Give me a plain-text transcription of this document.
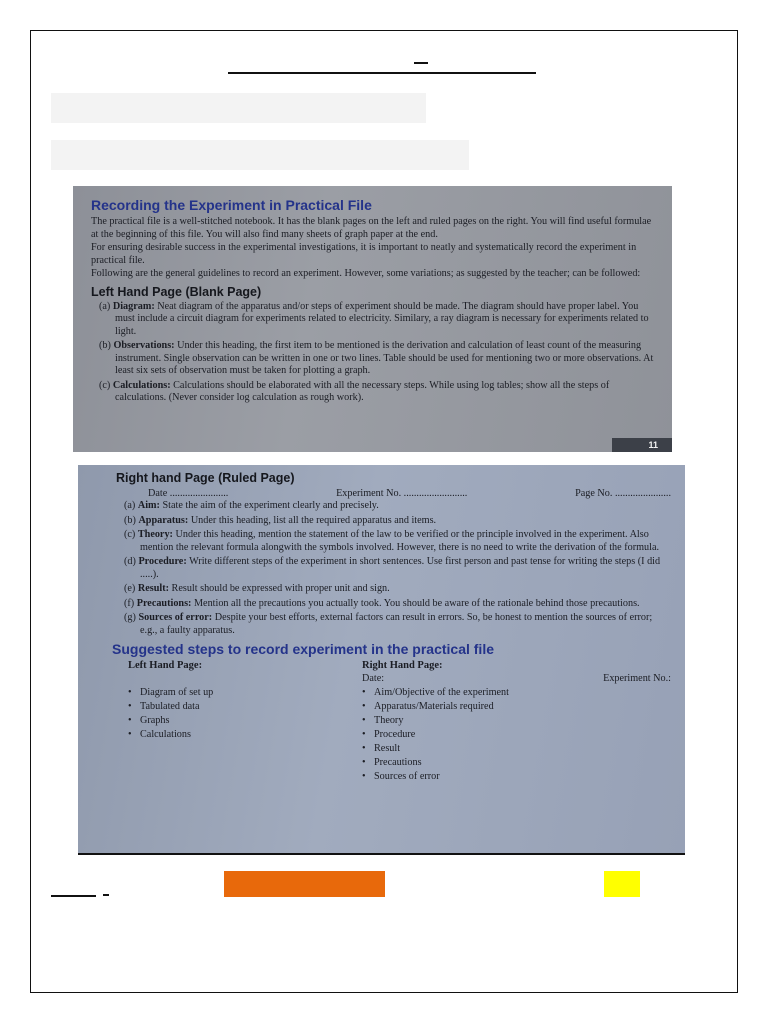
Recording the Experiment in Practical File

The practical file is a well-stitched notebook. It has the blank pages on the left and ruled pages on the right. You will find useful formulae at the beginning of this file. You will also find many sheets of graph paper at the end.

For ensuring desirable success in the experimental investigations, it is important to neatly and systematically record the experiment in practical file.

Following are the general guidelines to record an experiment. However, some variations; as suggested by the teacher; can be followed:

Left Hand Page (Blank Page)
(a) Diagram: Neat diagram of the apparatus and/or steps of experiment should be made. The diagram should have proper label. You must include a circuit diagram for experiments related to electricity. Similary, a ray diagram is necessary for experiments related to light.
(b) Observations: Under this heading, the first item to be mentioned is the derivation and calculation of least count of the measuring instrument. Single observation can be written in one or two lines. Table should be used for mentioning two or more observations. At least six sets of observation must be taken for plotting a graph.
(c) Calculations: Calculations should be elaborated with all the necessary steps. While using log tables; show all the steps of calculations. (Never consider log calculation as rough work).
11
Right hand Page (Ruled Page)
Date .......................	Experiment No. .........................	Page No. ......................
(a) Aim: State the aim of the experiment clearly and precisely.
(b) Apparatus: Under this heading, list all the required apparatus and items.
(c) Theory: Under this heading, mention the statement of the law to be verified or the principle involved in the experiment. Also mention the relevant formula alongwith the symbols involved. However, there is no need to write the derivation of the formula.
(d) Procedure: Write different steps of the experiment in short sentences. Use first person and past tense for writing the steps (I did .....).
(e) Result: Result should be expressed with proper unit and sign.
(f) Precautions: Mention all the precautions you actually took. You should be aware of the rationale behind those precautions.
(g) Sources of error: Despite your best efforts, external factors can result in errors. So, be honest to mention the sources of error; e.g., a faulty apparatus.
Suggested steps to record experiment in the practical file
Left Hand Page:
• Diagram of set up
• Tabulated data
• Graphs
• Calculations
Right Hand Page:
Date:	Experiment No.:
• Aim/Objective of the experiment
• Apparatus/Materials required
• Theory
• Procedure
• Result
• Precautions
• Sources of error
